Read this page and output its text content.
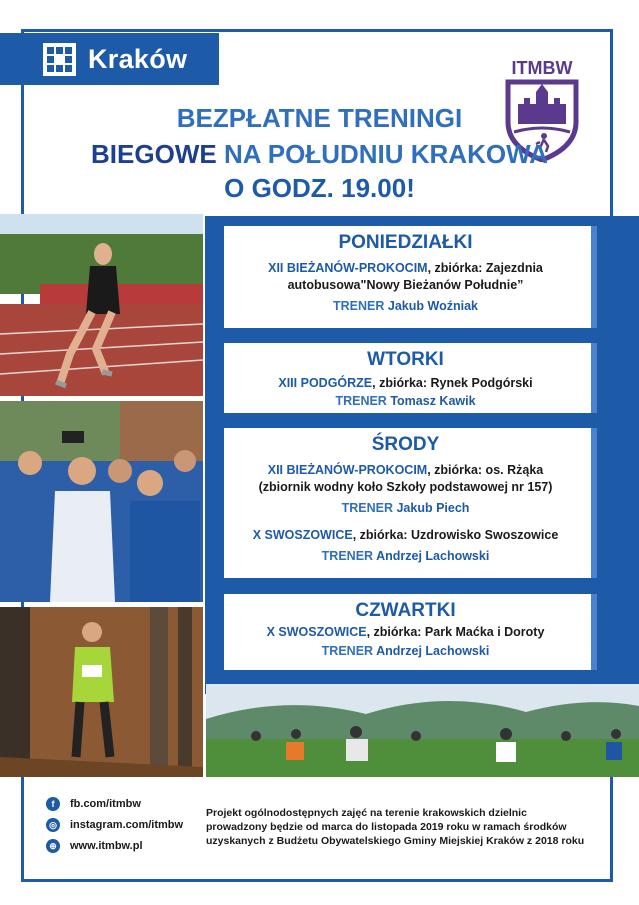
Kraków	ITMBW
BEZPŁATNE TRENINGI
BIEGOWE NA POŁUDNIU KRAKOWA
O GODZ. 19.00!
PONIEDZIAŁKI
XII BIEŻANÓW-PROKOCIM, zbiórka: Zajezdnia
autobusowa"Nowy Bieżanów Południe”
TRENER Jakub Woźniak
WTORKI
XIII PODGÓRZE, zbiórka: Rynek Podgórski
TRENER Tomasz Kawik
ŚRODY
XII BIEŻANÓW-PROKOCIM, zbiórka: os. Rżąka
(zbiornik wodny koło Szkoły podstawowej nr 157)
TRENER Jakub Piech
X SWOSZOWICE, zbiórka: Uzdrowisko Swoszowice
TRENER Andrzej Lachowski
CZWARTKI
X SWOSZOWICE, zbiórka: Park Maćka i Doroty
TRENER Andrzej Lachowski
f	fb.com/itmbw
◎ instagram.com/itmbw
⊕ www.itmbw.pl
Projekt ogólnodostępnych zajęć na terenie krakowskich dzielnic
prowadzony będzie od marca do listopada 2019 roku w ramach środków
uzyskanych z Budżetu Obywatelskiego Gminy Miejskiej Kraków z 2018 roku
